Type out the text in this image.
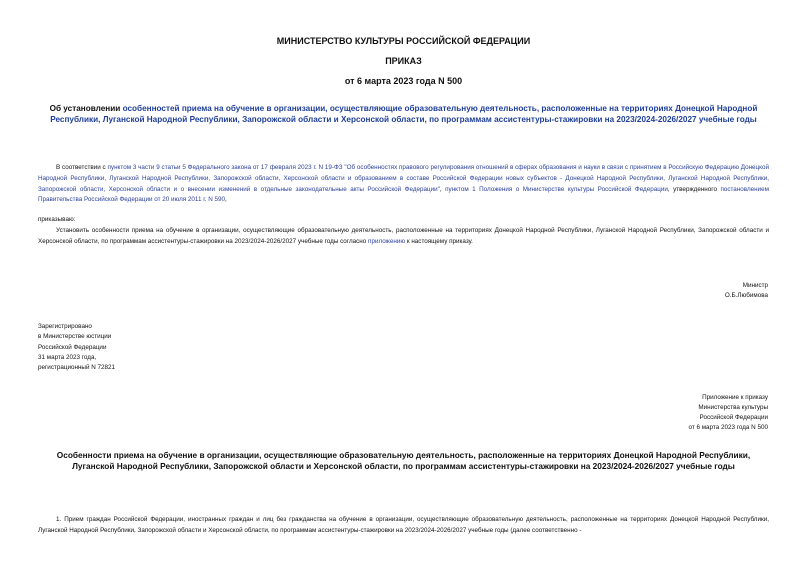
МИНИСТЕРСТВО КУЛЬТУРЫ РОССИЙСКОЙ ФЕДЕРАЦИИ
ПРИКАЗ
от 6 марта 2023 года N 500
Об установлении особенностей приема на обучение в организации, осуществляющие образовательную деятельность, расположенные на территориях Донецкой Народной Республики, Луганской Народной Республики, Запорожской области и Херсонской области, по программам ассистентуры-стажировки на 2023/2024-2026/2027 учебные годы
В соответствии с пунктом 3 части 9 статьи 5 Федерального закона от 17 февраля 2023 г. N 19-ФЗ "Об особенностях правового регулирования отношений в сферах образования и науки в связи с принятием в Российскую Федерацию Донецкой Народной Республики, Луганской Народной Республики, Запорожской области, Херсонской области и образованием в составе Российской Федерации новых субъектов - Донецкой Народной Республики, Луганской Народной Республики, Запорожской области, Херсонской области и о внесении изменений в отдельные законодательные акты Российской Федерации", пунктом 1 Положения о Министерстве культуры Российской Федерации, утвержденного постановлением Правительства Российской Федерации от 20 июля 2011 г. N 590,
приказываю:
Установить особенности приема на обучение в организации, осуществляющие образовательную деятельность, расположенные на территориях Донецкой Народной Республики, Луганской Народной Республики, Запорожской области и Херсонской области, по программам ассистентуры-стажировки на 2023/2024-2026/2027 учебные годы согласно приложению к настоящему приказу.
Министр
О.Б.Любимова
Зарегистрировано
в Министерстве юстиции
Российской Федерации
31 марта 2023 года,
регистрационный N 72821
Приложение к приказу
Министерства культуры
Российской Федерации
от 6 марта 2023 года N 500
Особенности приема на обучение в организации, осуществляющие образовательную деятельность, расположенные на территориях Донецкой Народной Республики, Луганской Народной Республики, Запорожской области и Херсонской области, по программам ассистентуры-стажировки на 2023/2024-2026/2027 учебные годы
1. Прием граждан Российской Федерации, иностранных граждан и лиц без гражданства на обучение в организации, осуществляющие образовательную деятельность, расположенные на территориях Донецкой Народной Республики, Луганской Народной Республики, Запорожской области и Херсонской области, по программам ассистентуры-стажировки на 2023/2024-2026/2027 учебные годы (далее соответственно -
